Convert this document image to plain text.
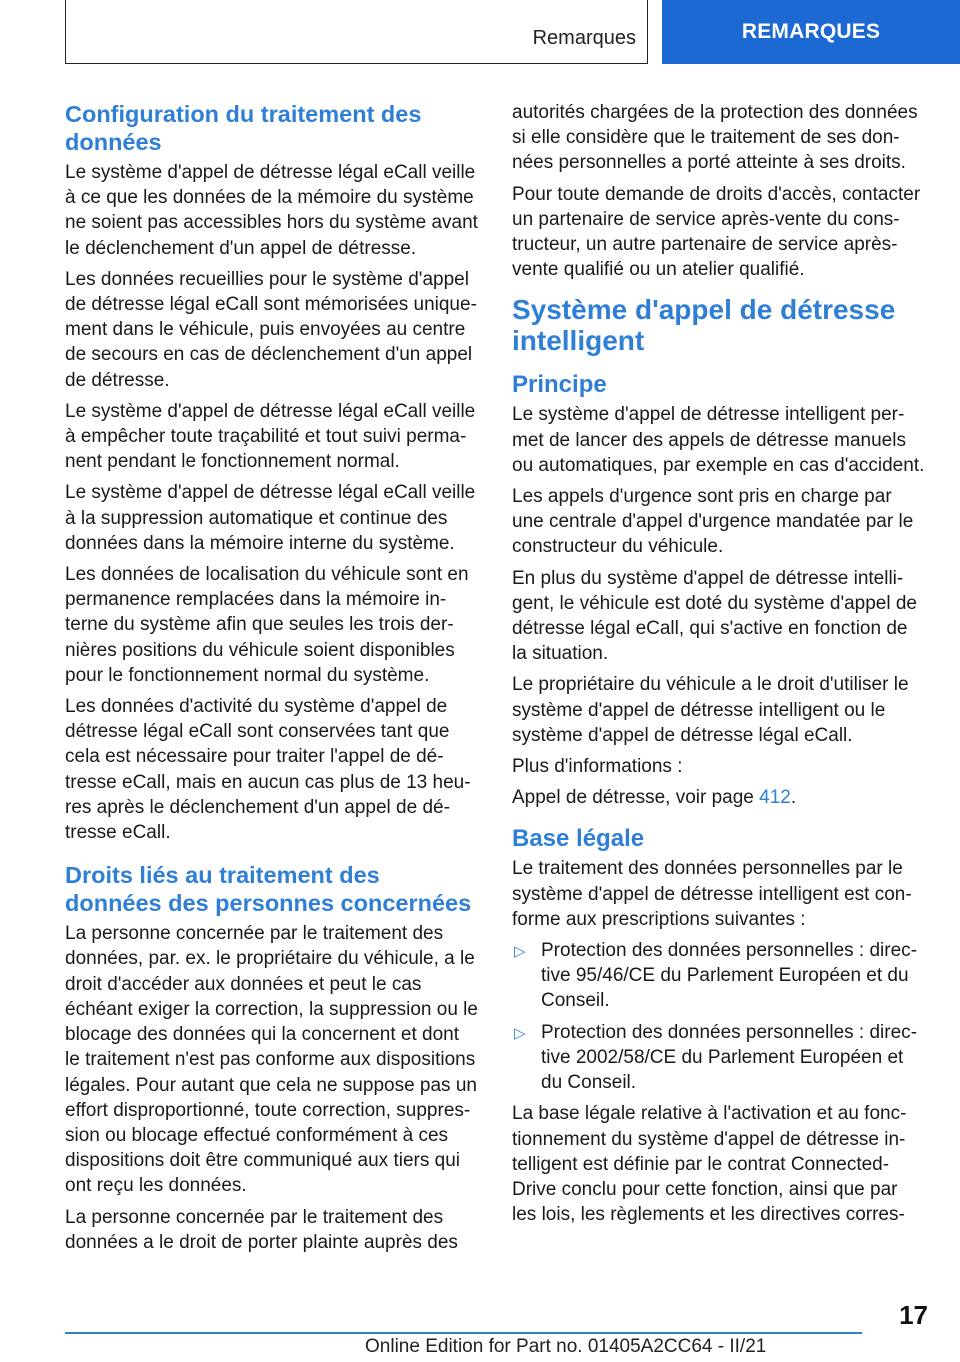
Remarques	REMARQUES
Configuration du traitement des données

Le système d'appel de détresse légal eCall veille à ce que les données de la mémoire du système ne soient pas accessibles hors du système avant le déclenchement d'un appel de détresse.

Les données recueillies pour le système d'appel de détresse légal eCall sont mémorisées uniquement dans le véhicule, puis envoyées au centre de secours en cas de déclenchement d'un appel de détresse.

Le système d'appel de détresse légal eCall veille à empêcher toute traçabilité et tout suivi permanent pendant le fonctionnement normal.

Le système d'appel de détresse légal eCall veille à la suppression automatique et continue des données dans la mémoire interne du système.

Les données de localisation du véhicule sont en permanence remplacées dans la mémoire interne du système afin que seules les trois dernières positions du véhicule soient disponibles pour le fonctionnement normal du système.

Les données d'activité du système d'appel de détresse légal eCall sont conservées tant que cela est nécessaire pour traiter l'appel de détresse eCall, mais en aucun cas plus de 13 heures après le déclenchement d'un appel de détresse eCall.

Droits liés au traitement des données des personnes concernées

La personne concernée par le traitement des données, par. ex. le propriétaire du véhicule, a le droit d'accéder aux données et peut le cas échéant exiger la correction, la suppression ou le blocage des données qui la concernent et dont le traitement n'est pas conforme aux dispositions légales. Pour autant que cela ne suppose pas un effort disproportionné, toute correction, suppression ou blocage effectué conformément à ces dispositions doit être communiqué aux tiers qui ont reçu les données.

La personne concernée par le traitement des données a le droit de porter plainte auprès des

autorités chargées de la protection des données si elle considère que le traitement de ses données personnelles a porté atteinte à ses droits.

Pour toute demande de droits d'accès, contacter un partenaire de service après-vente du constructeur, un autre partenaire de service après-vente qualifié ou un atelier qualifié.

Système d'appel de détresse intelligent
Principe

Le système d'appel de détresse intelligent permet de lancer des appels de détresse manuels ou automatiques, par exemple en cas d'accident.

Les appels d'urgence sont pris en charge par une centrale d'appel d'urgence mandatée par le constructeur du véhicule.

En plus du système d'appel de détresse intelligent, le véhicule est doté du système d'appel de détresse légal eCall, qui s'active en fonction de la situation.

Le propriétaire du véhicule a le droit d'utiliser le système d'appel de détresse intelligent ou le système d'appel de détresse légal eCall.

Plus d'informations :

Appel de détresse, voir page 412.

Base légale

Le traitement des données personnelles par le système d'appel de détresse intelligent est conforme aux prescriptions suivantes :

▷ Protection des données personnelles : directive 95/46/CE du Parlement Européen et du Conseil.
▷ Protection des données personnelles : directive 2002/58/CE du Parlement Européen et du Conseil.

La base légale relative à l'activation et au fonctionnement du système d'appel de détresse intelligent est définie par le contrat Connected-Drive conclu pour cette fonction, ainsi que par les lois, les règlements et les directives corres-

17
Online Edition for Part no. 01405A2CC64 - II/21
